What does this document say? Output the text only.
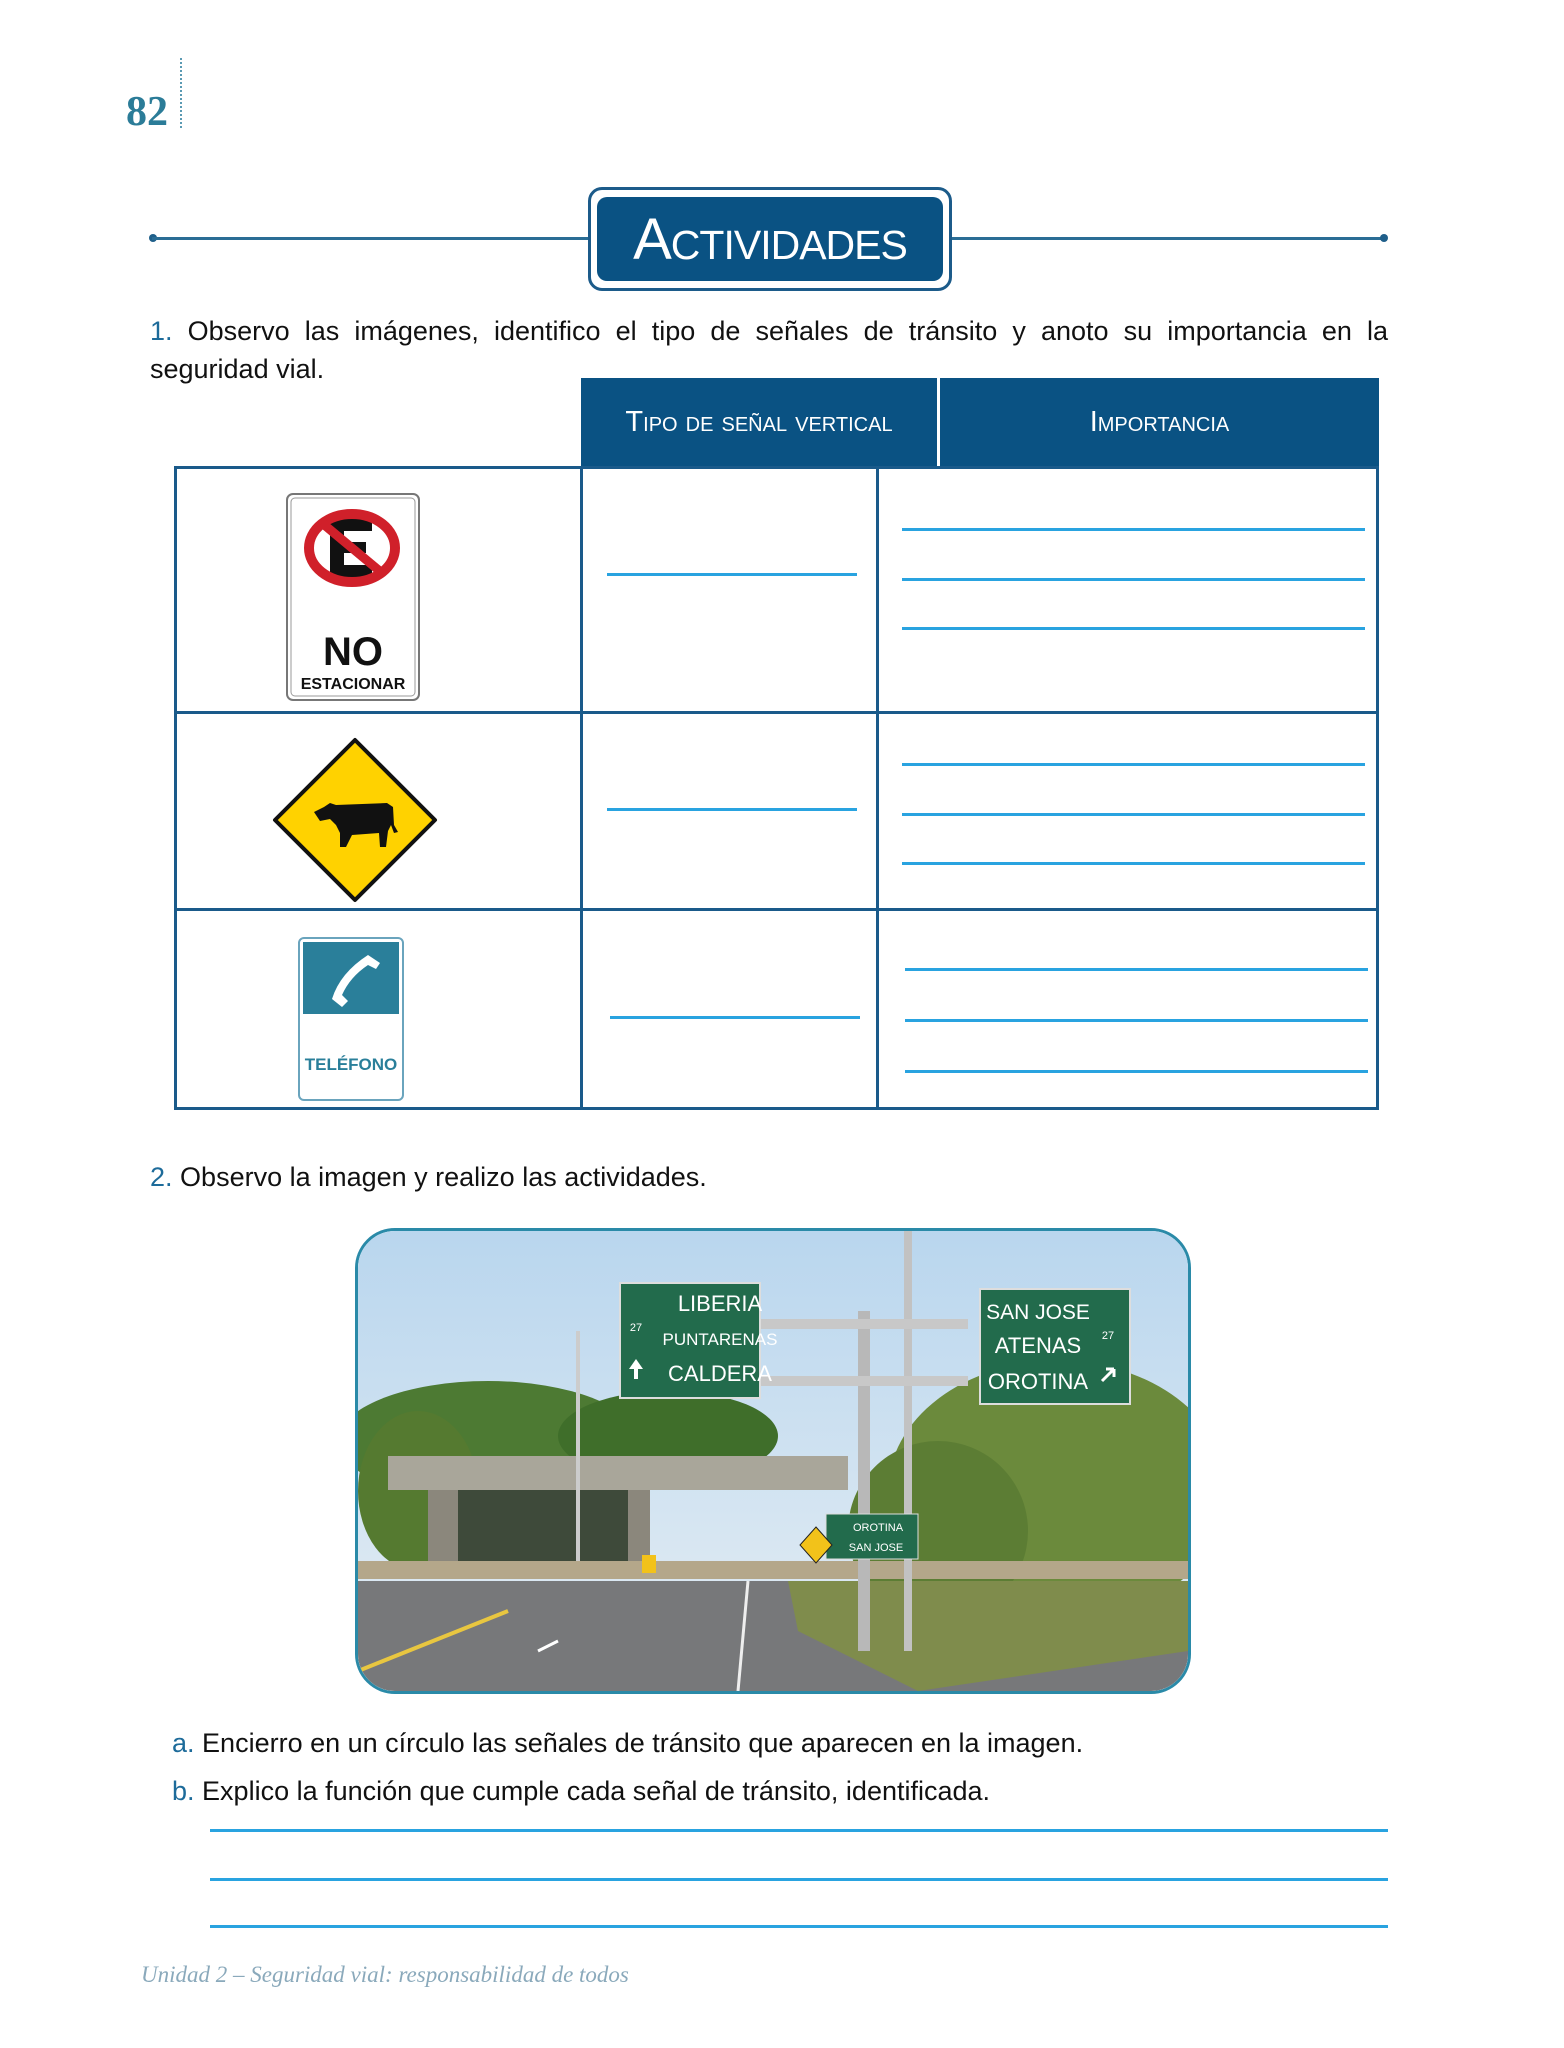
82
Actividades
1. Observo las imágenes, identifico el tipo de señales de tránsito y anoto su importancia en la seguridad vial.
Tipo de señal vertical	Importancia
NO
ESTACIONAR
TELÉFONO
2. Observo la imagen y realizo las actividades.
LIBERIA
PUNTARENAS
CALDERA
27
SAN JOSE
ATENAS
OROTINA
27
OROTINA
SAN JOSE
a. Encierro en un círculo las señales de tránsito que aparecen en la imagen.
b. Explico la función que cumple cada señal de tránsito, identificada.
Unidad 2 – Seguridad vial: responsabilidad de todos
